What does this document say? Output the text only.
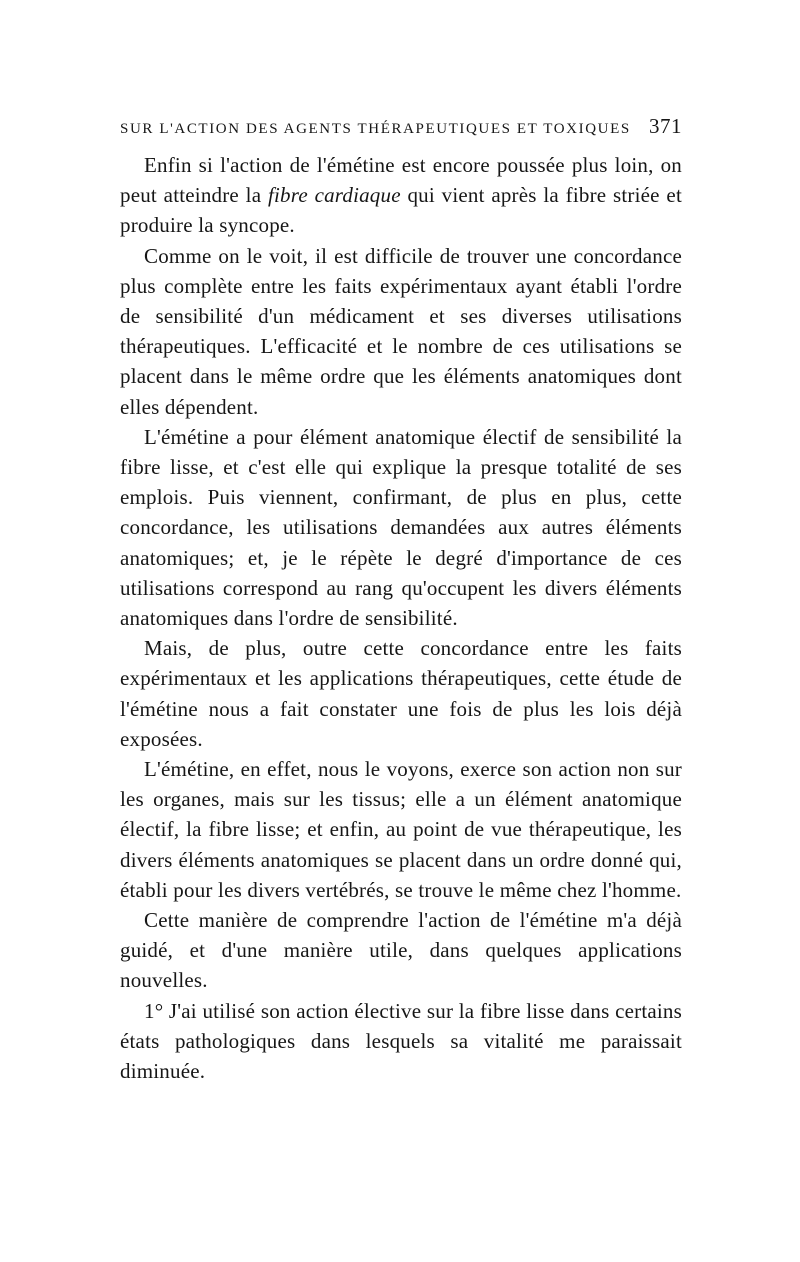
SUR L'ACTION DES AGENTS THÉRAPEUTIQUES ET TOXIQUES 371

Enfin si l'action de l'émétine est encore poussée plus loin, on peut atteindre la fibre cardiaque qui vient après la fibre striée et produire la syncope.

Comme on le voit, il est difficile de trouver une concordance plus complète entre les faits expérimentaux ayant établi l'ordre de sensibilité d'un médicament et ses diverses utilisations thérapeutiques. L'efficacité et le nombre de ces utilisations se placent dans le même ordre que les éléments anatomiques dont elles dépendent.

L'émétine a pour élément anatomique électif de sensibilité la fibre lisse, et c'est elle qui explique la presque totalité de ses emplois. Puis viennent, confirmant, de plus en plus, cette concordance, les utilisations demandées aux autres éléments anatomiques; et, je le répète le degré d'importance de ces utilisations correspond au rang qu'occupent les divers éléments anatomiques dans l'ordre de sensibilité.

Mais, de plus, outre cette concordance entre les faits expérimentaux et les applications thérapeutiques, cette étude de l'émétine nous a fait constater une fois de plus les lois déjà exposées.

L'émétine, en effet, nous le voyons, exerce son action non sur les organes, mais sur les tissus; elle a un élément anatomique électif, la fibre lisse; et enfin, au point de vue thérapeutique, les divers éléments anatomiques se placent dans un ordre donné qui, établi pour les divers vertébrés, se trouve le même chez l'homme.

Cette manière de comprendre l'action de l'émétine m'a déjà guidé, et d'une manière utile, dans quelques applications nouvelles.

1° J'ai utilisé son action élective sur la fibre lisse dans certains états pathologiques dans lesquels sa vitalité me paraissait diminuée.
